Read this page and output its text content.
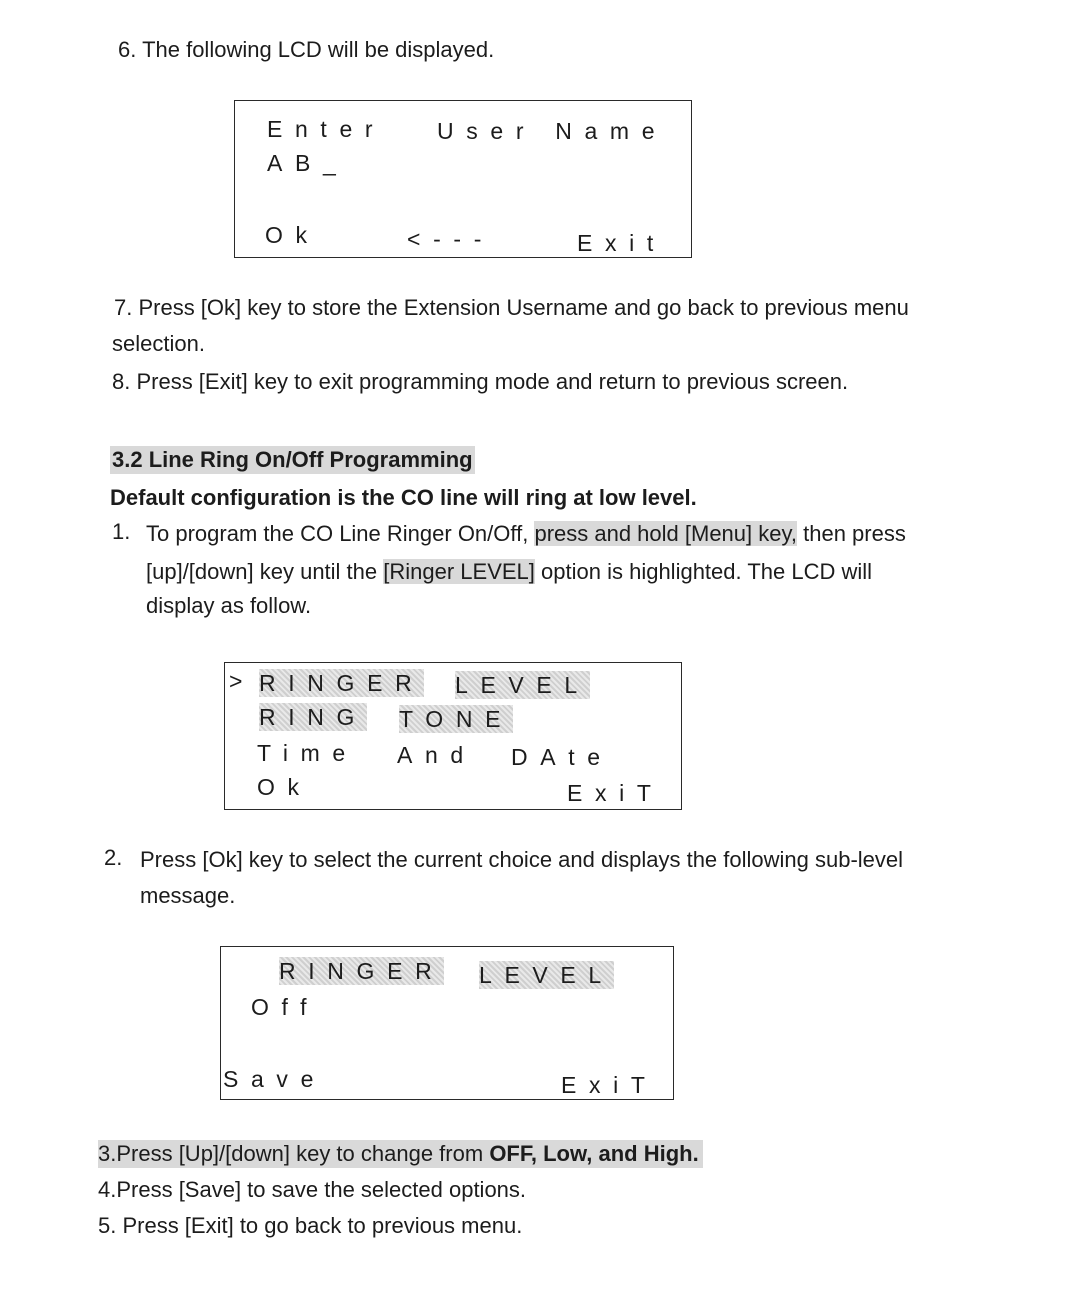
6. The following LCD will be displayed.
Enter User Name
AB_
Ok	<---	Exit
7. Press [Ok] key to store the Extension Username and go back to previous menu
selection.
8. Press [Exit] key to exit programming mode and return to previous screen.
3.2 Line Ring On/Off Programming
Default configuration is the CO line will ring at low level.
1. To program the CO Line Ringer On/Off, press and hold [Menu] key, then press
[up]/[down] key until the [Ringer LEVEL] option is highlighted. The LCD will
display as follow.
> RINGER LEVEL
RING TONE
Time And DAte
Ok	ExiT
2. Press [Ok] key to select the current choice and displays the following sub-level
message.
RINGER LEVEL
Off
Save	ExiT
3.Press [Up]/[down] key to change from OFF, Low, and High.
4.Press [Save] to save the selected options.
5. Press [Exit] to go back to previous menu.
